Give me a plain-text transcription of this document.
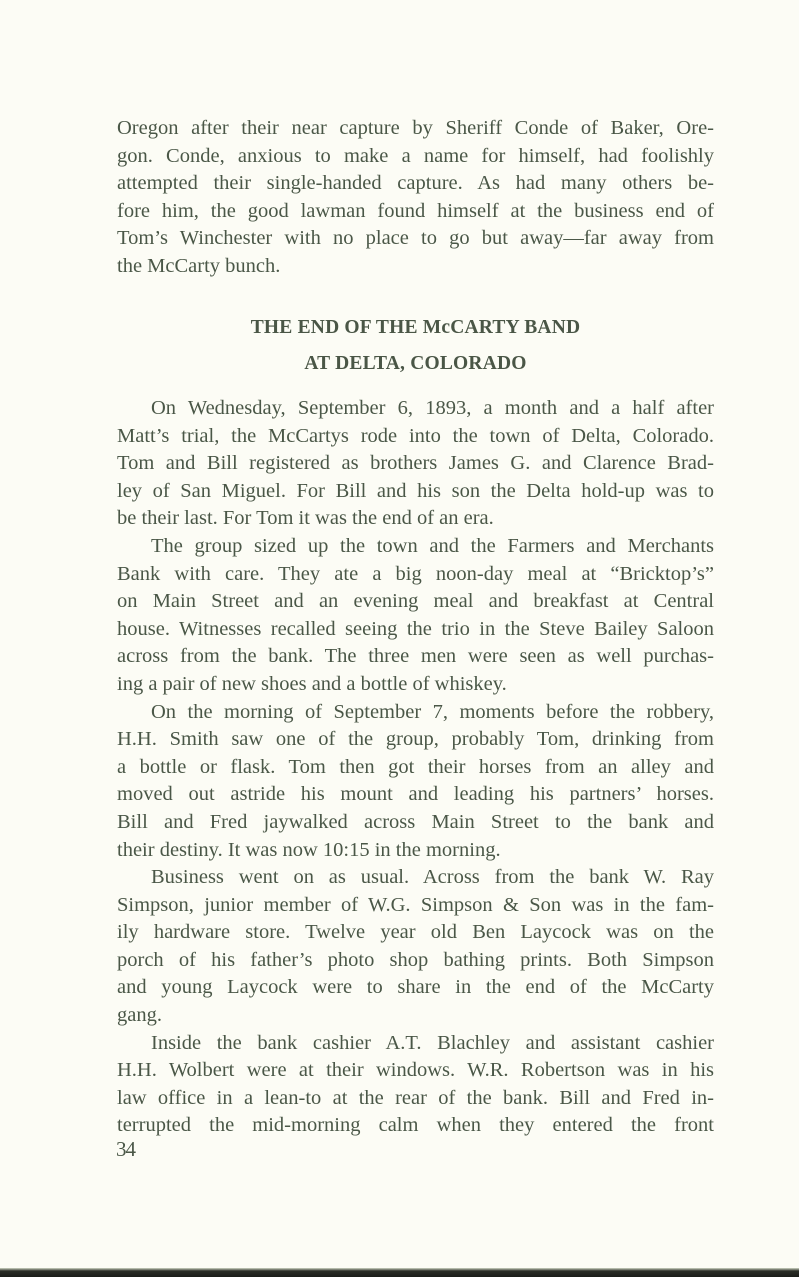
Oregon after their near capture by Sheriff Conde of Baker, Ore-
gon. Conde, anxious to make a name for himself, had foolishly
attempted their single-handed capture. As had many others be-
fore him, the good lawman found himself at the business end of
Tom’s Winchester with no place to go but away—far away from
the McCarty bunch.
THE END OF THE McCARTY BAND
AT DELTA, COLORADO
On Wednesday, September 6, 1893, a month and a half after
Matt’s trial, the McCartys rode into the town of Delta, Colorado.
Tom and Bill registered as brothers James G. and Clarence Brad-
ley of San Miguel. For Bill and his son the Delta hold-up was to
be their last. For Tom it was the end of an era.
The group sized up the town and the Farmers and Merchants
Bank with care. They ate a big noon-day meal at “Bricktop’s”
on Main Street and an evening meal and breakfast at Central
house. Witnesses recalled seeing the trio in the Steve Bailey Saloon
across from the bank. The three men were seen as well purchas-
ing a pair of new shoes and a bottle of whiskey.
On the morning of September 7, moments before the robbery,
H.H. Smith saw one of the group, probably Tom, drinking from
a bottle or flask. Tom then got their horses from an alley and
moved out astride his mount and leading his partners’ horses.
Bill and Fred jaywalked across Main Street to the bank and
their destiny. It was now 10:15 in the morning.
Business went on as usual. Across from the bank W. Ray
Simpson, junior member of W.G. Simpson & Son was in the fam-
ily hardware store. Twelve year old Ben Laycock was on the
porch of his father’s photo shop bathing prints. Both Simpson
and young Laycock were to share in the end of the McCarty
gang.
Inside the bank cashier A.T. Blachley and assistant cashier
H.H. Wolbert were at their windows. W.R. Robertson was in his
law office in a lean-to at the rear of the bank. Bill and Fred in-
terrupted the mid-morning calm when they entered the front
34
